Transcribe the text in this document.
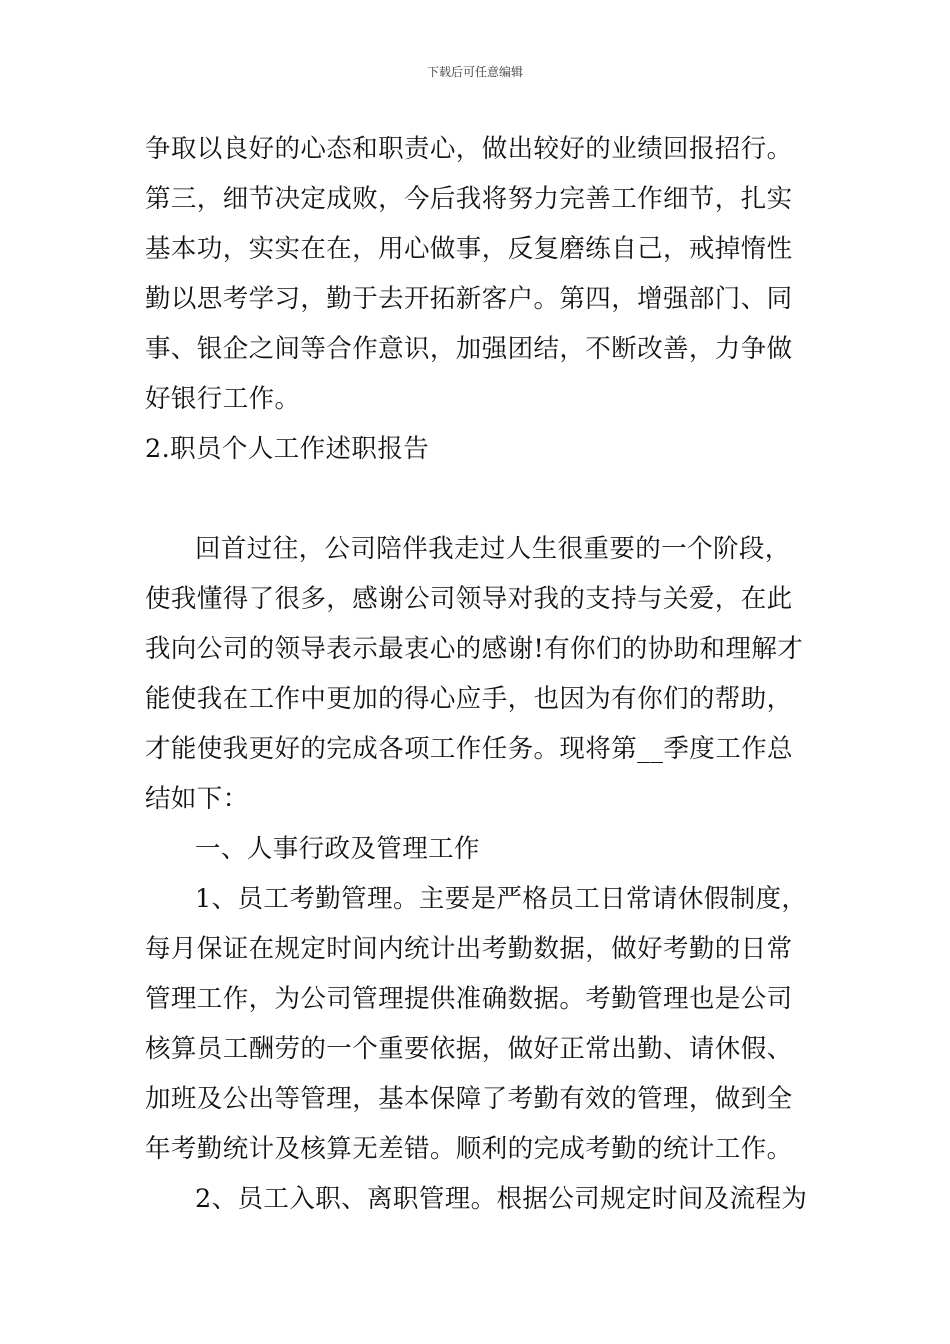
下载后可任意编辑
争取以良好的心态和职责心，做出较好的业绩回报招行。
第三，细节决定成败，今后我将努力完善工作细节，扎实
基本功，实实在在，用心做事，反复磨练自己，戒掉惰性
勤以思考学习，勤于去开拓新客户。第四，增强部门、同
事、银企之间等合作意识，加强团结，不断改善，力争做
好银行工作。
2.职员个人工作述职报告
回首过往，公司陪伴我走过人生很重要的一个阶段，
使我懂得了很多，感谢公司领导对我的支持与关爱，在此
我向公司的领导表示最衷心的感谢!有你们的协助和理解才
能使我在工作中更加的得心应手，也因为有你们的帮助，
才能使我更好的完成各项工作任务。现将第__季度工作总
结如下：
一、人事行政及管理工作
1、员工考勤管理。主要是严格员工日常请休假制度，
每月保证在规定时间内统计出考勤数据，做好考勤的日常
管理工作，为公司管理提供准确数据。考勤管理也是公司
核算员工酬劳的一个重要依据，做好正常出勤、请休假、
加班及公出等管理，基本保障了考勤有效的管理，做到全
年考勤统计及核算无差错。顺利的完成考勤的统计工作。
2、员工入职、离职管理。根据公司规定时间及流程为
